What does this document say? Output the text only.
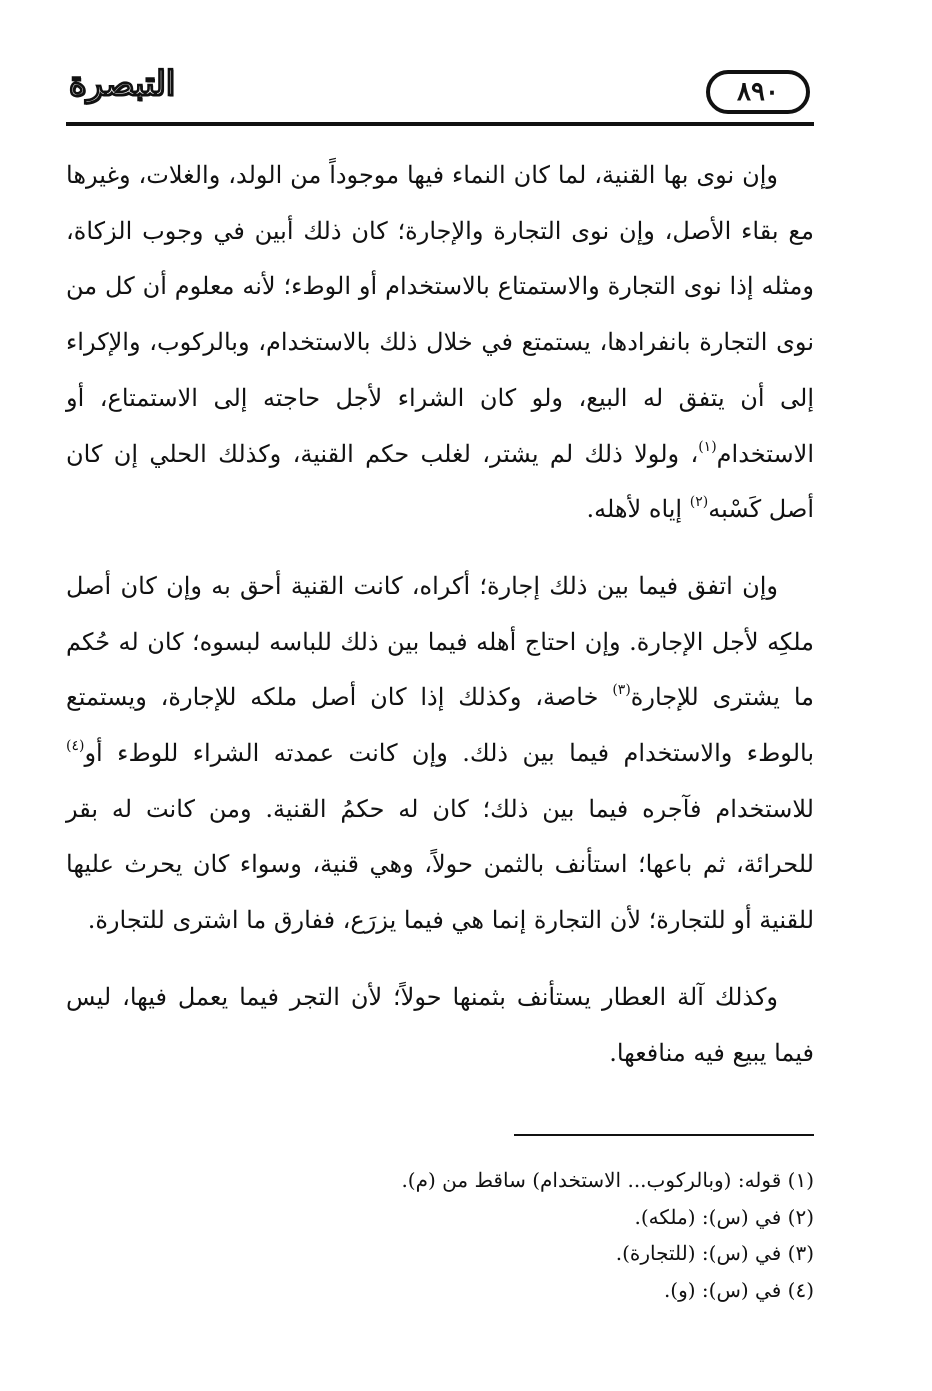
التبصرة	٨٩٠

وإن نوى بها القنية، لما كان النماء فيها موجوداً من الولد، والغلات، وغيرها مع بقاء الأصل، وإن نوى التجارة والإجارة؛ كان ذلك أبين في وجوب الزكاة، ومثله إذا نوى التجارة والاستمتاع بالاستخدام أو الوطء؛ لأنه معلوم أن كل من نوى التجارة بانفرادها، يستمتع في خلال ذلك بالاستخدام، وبالركوب، والإكراء إلى أن يتفق له البيع، ولو كان الشراء لأجل حاجته إلى الاستمتاع، أو الاستخدام$^{(١)}$، ولولا ذلك لم يشتر، لغلب حكم القنية، وكذلك الحلي إن كان أصل كَسْبه$^{(٢)}$ إياه لأهله.

وإن اتفق فيما بين ذلك إجارة؛ أكراه، كانت القنية أحق به وإن كان أصل ملكِه لأجل الإجارة. وإن احتاج أهله فيما بين ذلك للباسه لبسوه؛ كان له حُكم ما يشترى للإجارة$^{(٣)}$ خاصة، وكذلك إذا كان أصل ملكه للإجارة، ويستمتع بالوطء والاستخدام فيما بين ذلك. وإن كانت عمدته الشراء للوطء أو$^{(٤)}$ للاستخدام فآجره فيما بين ذلك؛ كان له حكمُ القنية. ومن كانت له بقر للحرائة، ثم باعها؛ استأنف بالثمن حولاً، وهي قنية، وسواء كان يحرث عليها للقنية أو للتجارة؛ لأن التجارة إنما هي فيما يزرَع، ففارق ما اشترى للتجارة.

وكذلك آلة العطار يستأنف بثمنها حولاً؛ لأن التجر فيما يعمل فيها، ليس فيما يبيع فيه منافعها.

(١) قوله: (وبالركوب... الاستخدام) ساقط من (م).
(٢) في (س): (ملكه).
(٣) في (س): (للتجارة).
(٤) في (س): (و).
